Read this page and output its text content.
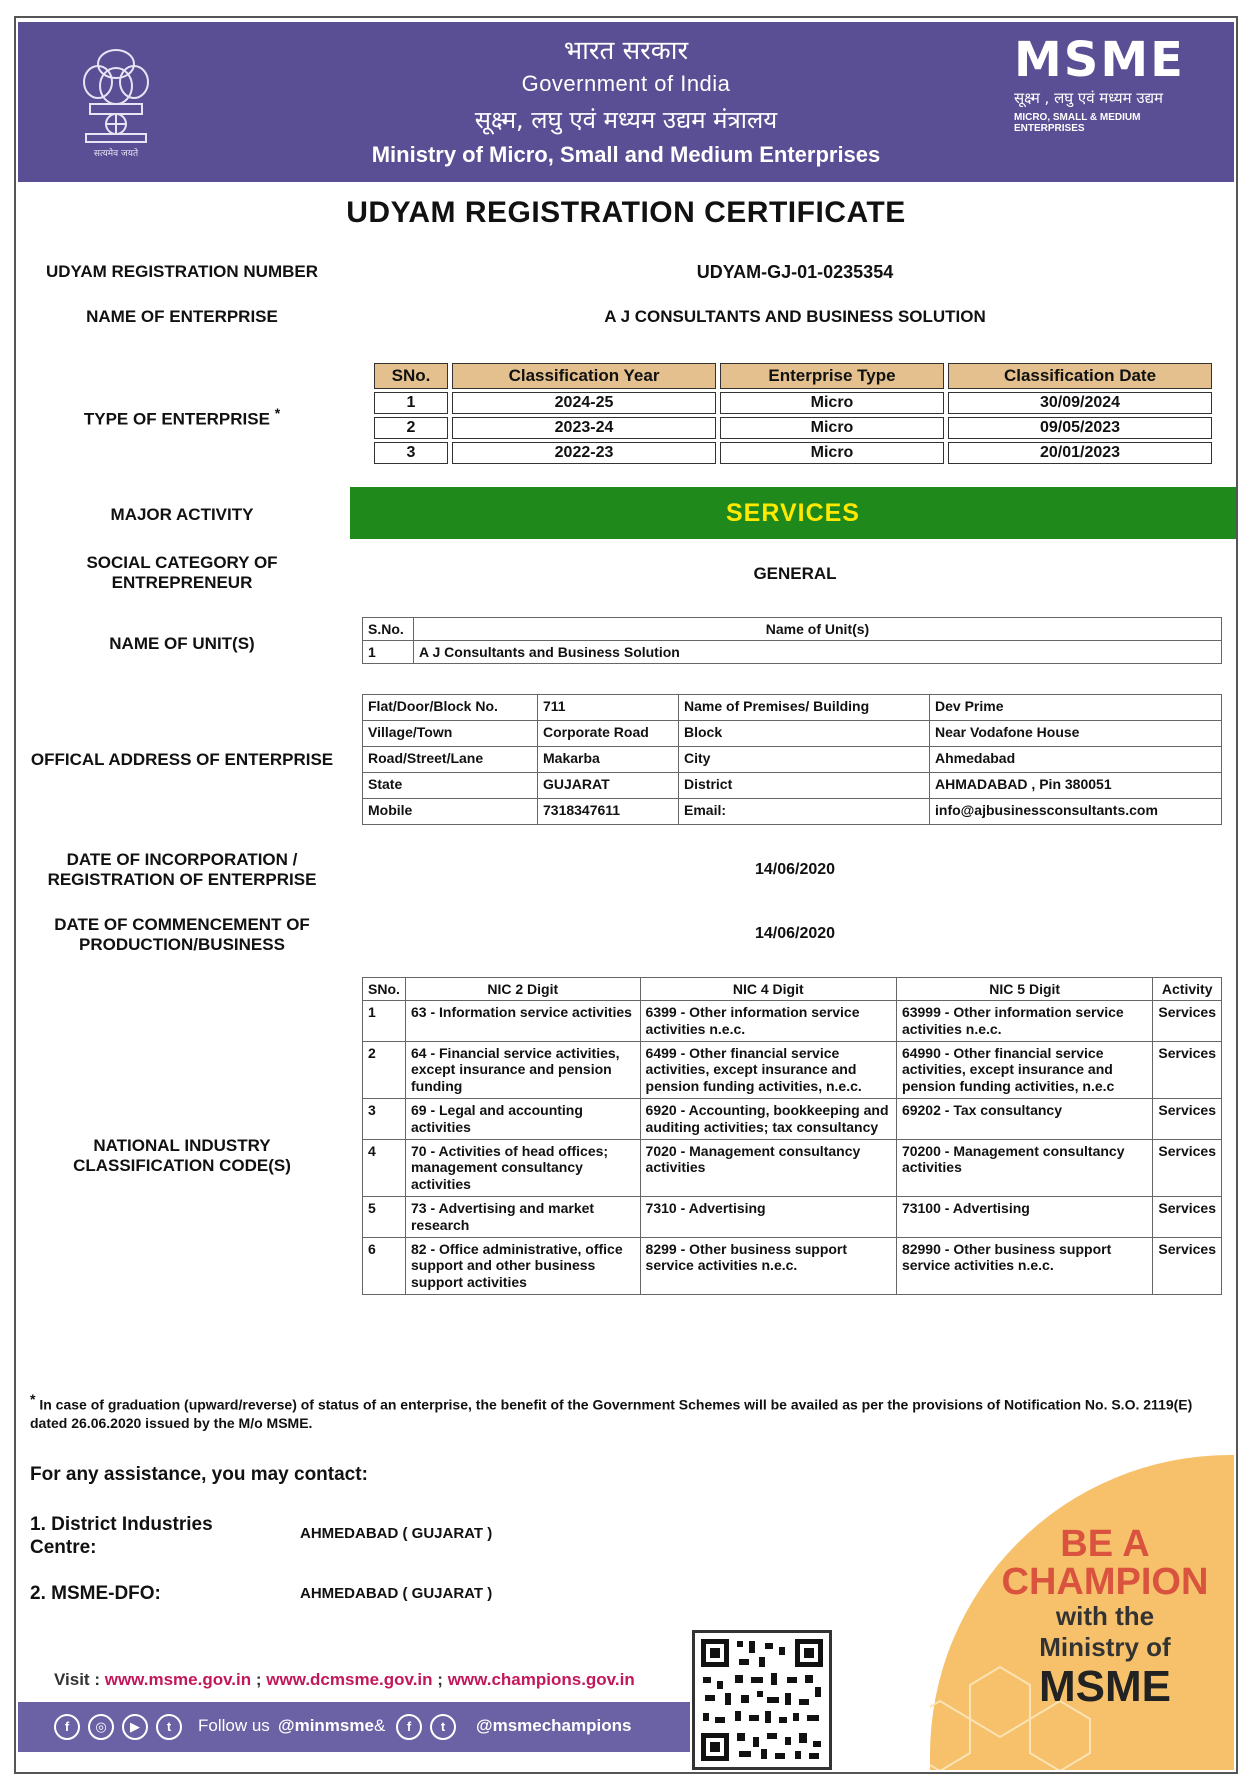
सत्यमेव जयते
भारत सरकार
Government of India
सूक्ष्म, लघु एवं मध्यम उद्यम मंत्रालय
Ministry of Micro, Small and Medium Enterprises
MSME
सूक्ष्म , लघु एवं मध्यम उद्यम
MICRO, SMALL & MEDIUM ENTERPRISES
UDYAM REGISTRATION CERTIFICATE
UDYAM REGISTRATION NUMBER	UDYAM-GJ-01-0235354
NAME OF ENTERPRISE	A J CONSULTANTS AND BUSINESS SOLUTION
TYPE OF ENTERPRISE *
SNo.	Classification Year	Enterprise Type	Classification Date
1	2024-25	Micro	30/09/2024
2	2023-24	Micro	09/05/2023
3	2022-23	Micro	20/01/2023
MAJOR ACTIVITY	SERVICES
SOCIAL CATEGORY OF
ENTREPRENEUR	GENERAL
NAME OF UNIT(S)
S.No.	Name of Unit(s)
1	A J Consultants and Business Solution
OFFICAL ADDRESS OF ENTERPRISE
Flat/Door/Block No.	711	Name of Premises/ Building	Dev Prime
Village/Town	Corporate Road	Block	Near Vodafone House
Road/Street/Lane	Makarba	City	Ahmedabad
State	GUJARAT	District	AHMADABAD , Pin 380051
Mobile	7318347611	Email:	info@ajbusinessconsultants.com
DATE OF INCORPORATION /
REGISTRATION OF ENTERPRISE
14/06/2020
DATE OF COMMENCEMENT OF
PRODUCTION/BUSINESS
14/06/2020
NATIONAL INDUSTRY
CLASSIFICATION CODE(S)
SNo.	NIC 2 Digit	NIC 4 Digit	NIC 5 Digit	Activity
1	63 - Information service activities	6399 - Other information service activities n.e.c.	63999 - Other information service activities n.e.c.	Services
2	64 - Financial service activities, except insurance and pension funding	6499 - Other financial service activities, except insurance and pension funding activities, n.e.c.	64990 - Other financial service activities, except insurance and pension funding activities, n.e.c	Services
3	69 - Legal and accounting activities	6920 - Accounting, bookkeeping and auditing activities; tax consultancy	69202 - Tax consultancy	Services
4	70 - Activities of head offices; management consultancy activities	7020 - Management consultancy activities	70200 - Management consultancy activities	Services
5	73 - Advertising and market research	7310 - Advertising	73100 - Advertising	Services
6	82 - Office administrative, office support and other business support activities	8299 - Other business support service activities n.e.c.	82990 - Other business support service activities n.e.c.	Services
* In case of graduation (upward/reverse) of status of an enterprise, the benefit of the Government Schemes will be availed as per the provisions of Notification No. S.O. 2119(E) dated 26.06.2020 issued by the M/o MSME.
For any assistance, you may contact:
1. District Industries Centre:
AHMEDABAD ( GUJARAT )
2. MSME-DFO:	AHMEDABAD ( GUJARAT )
BE A
CHAMPION
with the
Ministry of
MSME
Visit : www.msme.gov.in ; www.dcmsme.gov.in ; www.champions.gov.in
f	◎	▶	t	Follow us @minmsme &	f	t	@msmechampions
